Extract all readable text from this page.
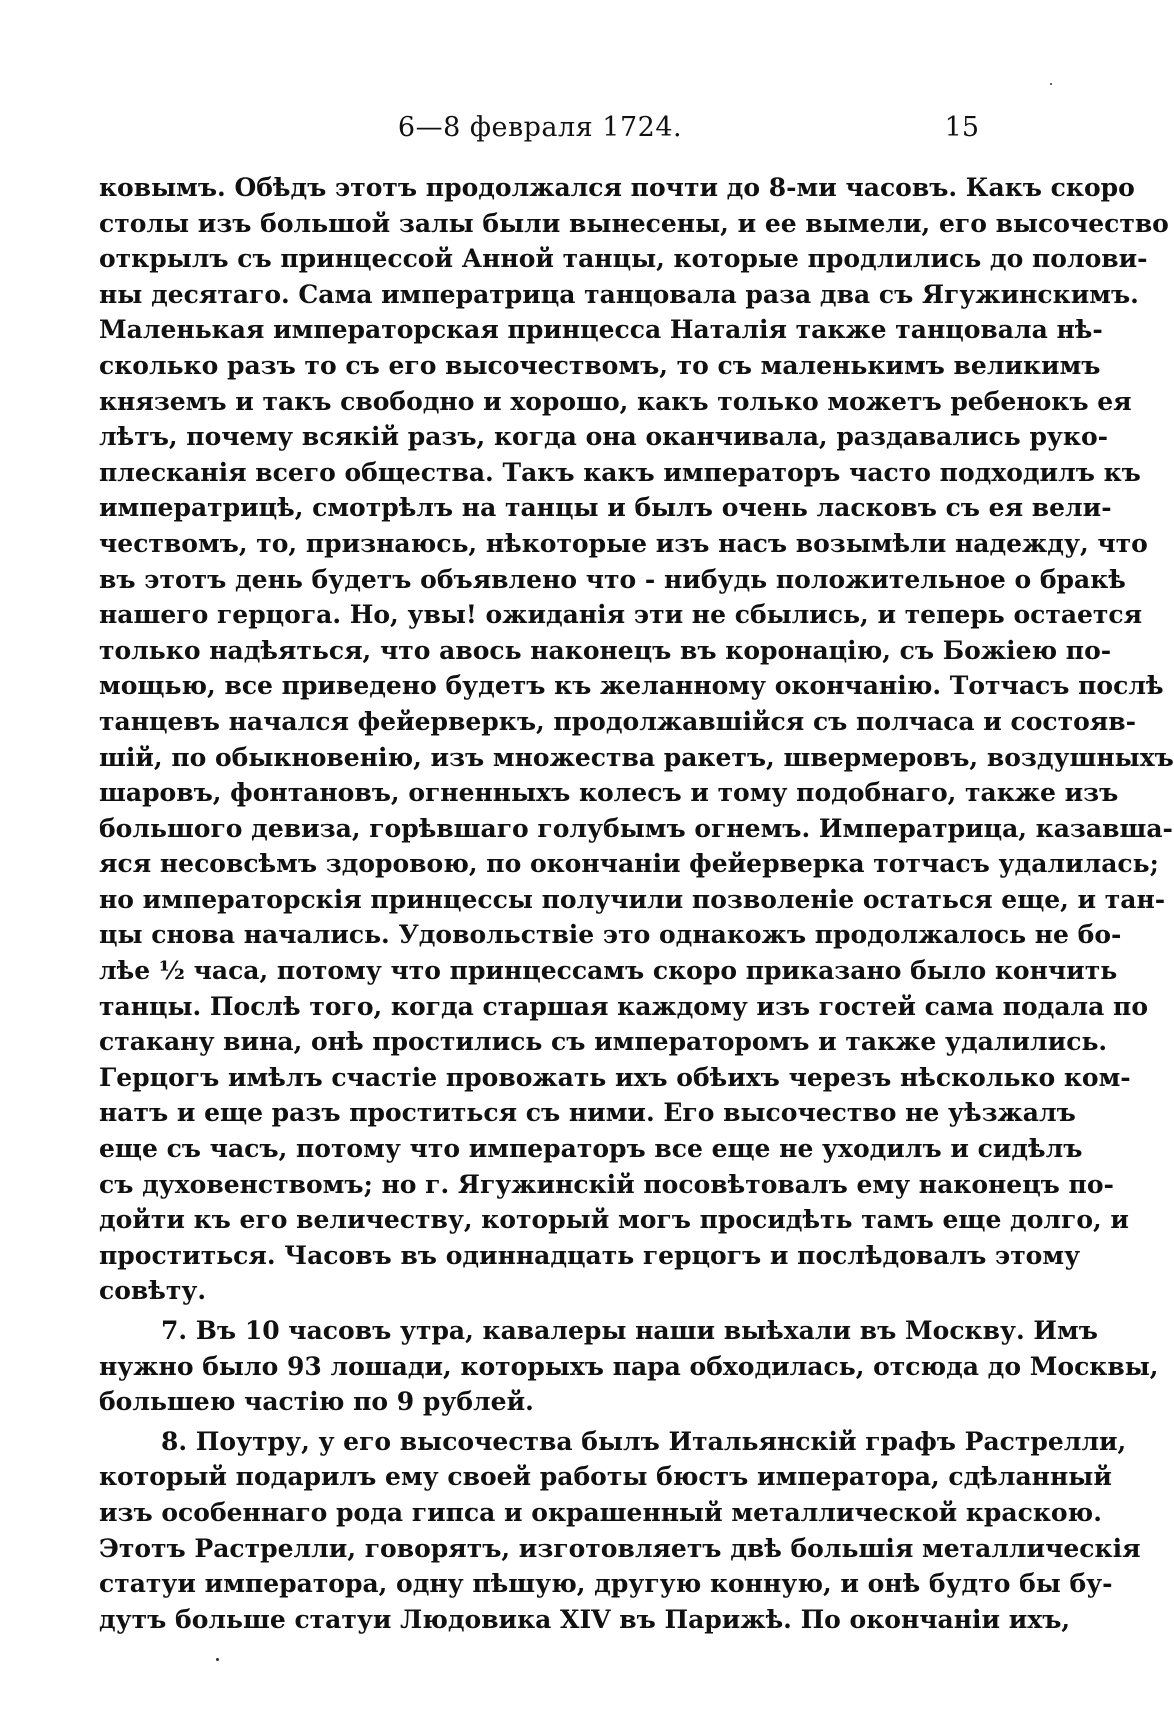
6—8 февраля 1724.	15
ковымъ. Обѣдъ этотъ продолжался почти до 8-ми часовъ. Какъ скоро
столы изъ большой залы были вынесены, и ее вымели, его высочество
открылъ съ принцессой Анной танцы, которые продлились до полови-
ны десятаго. Сама императрица танцовала раза два съ Ягужинскимъ.
Маленькая императорская принцесса Наталія также танцовала нѣ-
сколько разъ то съ его высочествомъ, то съ маленькимъ великимъ
княземъ и такъ свободно и хорошо, какъ только можетъ ребенокъ ея
лѣтъ, почему всякій разъ, когда она оканчивала, раздавались руко-
плесканія всего общества. Такъ какъ императоръ часто подходилъ къ
императрицѣ, смотрѣлъ на танцы и былъ очень ласковъ съ ея вели-
чествомъ, то, признаюсь, нѣкоторые изъ насъ возымѣли надежду, что
въ этотъ день будетъ объявлено что - нибудь положительное о бракѣ
нашего герцога. Но, увы! ожиданія эти не сбылись, и теперь остается
только надѣяться, что авось наконецъ въ коронацію, съ Божіею по-
мощью, все приведено будетъ къ желанному окончанію. Тотчасъ послѣ
танцевъ начался фейерверкъ, продолжавшійся съ полчаса и состояв-
шій, по обыкновенію, изъ множества ракетъ, швермеровъ, воздушныхъ
шаровъ, фонтановъ, огненныхъ колесъ и тому подобнаго, также изъ
большого девиза, горѣвшаго голубымъ огнемъ. Императрица, казавша-
яся несовсѣмъ здоровою, по окончаніи фейерверка тотчасъ удалилась;
но императорскія принцессы получили позволеніе остаться еще, и тан-
цы снова начались. Удовольствіе это однакожъ продолжалось не бо-
лѣе ½ часа, потому что принцессамъ скоро приказано было кончить
танцы. Послѣ того, когда старшая каждому изъ гостей сама подала по
стакану вина, онѣ простились съ императоромъ и также удалились.
Герцогъ имѣлъ счастіе провожать ихъ обѣихъ черезъ нѣсколько ком-
натъ и еще разъ проститься съ ними. Его высочество не уѣзжалъ
еще съ часъ, потому что императоръ все еще не уходилъ и сидѣлъ
съ духовенствомъ; но г. Ягужинскій посовѣтовалъ ему наконецъ по-
дойти къ его величеству, который могъ просидѣть тамъ еще долго, и
проститься. Часовъ въ одиннадцать герцогъ и послѣдовалъ этому
совѣту.
7. Въ 10 часовъ утра, кавалеры наши выѣхали въ Москву. Имъ
нужно было 93 лошади, которыхъ пара обходилась, отсюда до Москвы,
большею частію по 9 рублей.
8. Поутру, у его высочества былъ Итальянскій графъ Растрелли,
который подарилъ ему своей работы бюстъ императора, сдѣланный
изъ особеннаго рода гипса и окрашенный металлической краскою.
Этотъ Растрелли, говорятъ, изготовляетъ двѣ большія металлическія
статуи императора, одну пѣшую, другую конную, и онѣ будто бы бу-
дутъ больше статуи Людовика XIV въ Парижѣ. По окончаніи ихъ,
